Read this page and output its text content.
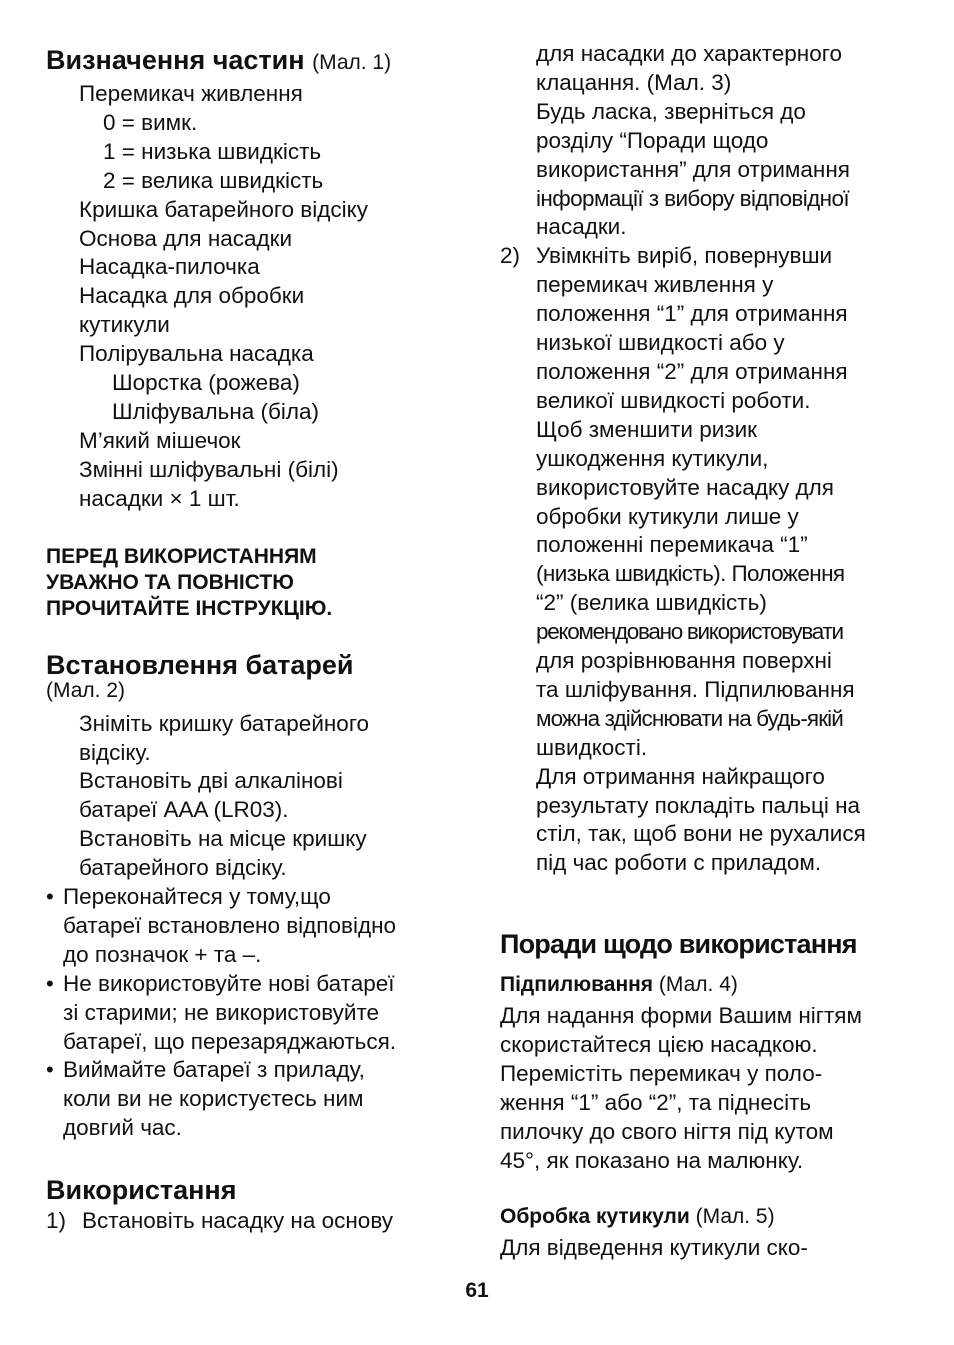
Визначення частин (Мал. 1)
Перемикач живлення
0 = вимк.
1 = низька швидкість
2 = велика швидкість
Кришка батарейного відсіку
Основа для насадки
Насадка-пилочка
Насадка для обробки
кутикули
Полірувальна насадка
Шорстка (рожева)
Шліфувальна (біла)
М’який мішечок
Змінні шліфувальні (білі)
насадки × 1 шт.
ПЕРЕД ВИКОРИСТАННЯМ
УВАЖНО ТА ПОВНІСТЮ
ПРОЧИТАЙТЕ ІНСТРУКЦІЮ.
Встановлення батарей
(Мал. 2)
Зніміть кришку батарейного
відсіку.
Встановіть дві алкалінові
батареї AAA (LR03).
Встановіть на місце кришку
батарейного відсіку.
• Переконайтеся у тому,що
батареї встановлено відповідно
до позначок + та –.
• Не використовуйте нові батареї
зі старими; не використовуйте
батареї, що перезаряджаються.
• Виймайте батареї з приладу,
коли ви не користуєтесь ним
довгий час.
Використання
1) Встановіть насадку на основу
для насадки до характерного
клацання. (Мал. 3)
Будь ласка, зверніться до
розділу “Поради щодо
використання” для отримання
інформації з вибору відповідної
насадки.
2) Увімкніть виріб, повернувши
перемикач живлення у
положення “1” для отримання
низької швидкості або у
положення “2” для отримання
великої швидкості роботи.
Щоб зменшити ризик
ушкодження кутикули,
використовуйте насадку для
обробки кутикули лише у
положенні перемикача “1”
(низька швидкість). Положення
“2” (велика швидкість)
рекомендовано використовувати
для розрівнювання поверхні
та шліфування. Підпилювання
можна здійснювати на будь-якій
швидкості.
Для отримання найкращого
результату покладіть пальці на
стіл, так, щоб вони не рухалися
під час роботи с приладом.
Поради щодо використання
Підпилювання (Мал. 4)
Для надання форми Вашим нігтям
скористайтеся цією насадкою.
Перемістіть перемикач у поло-
ження “1” або “2”, та піднесіть
пилочку до свого нігтя під кутом
45°, як показано на малюнку.
Обробка кутикули (Мал. 5)
Для відведення кутикули ско-
61
